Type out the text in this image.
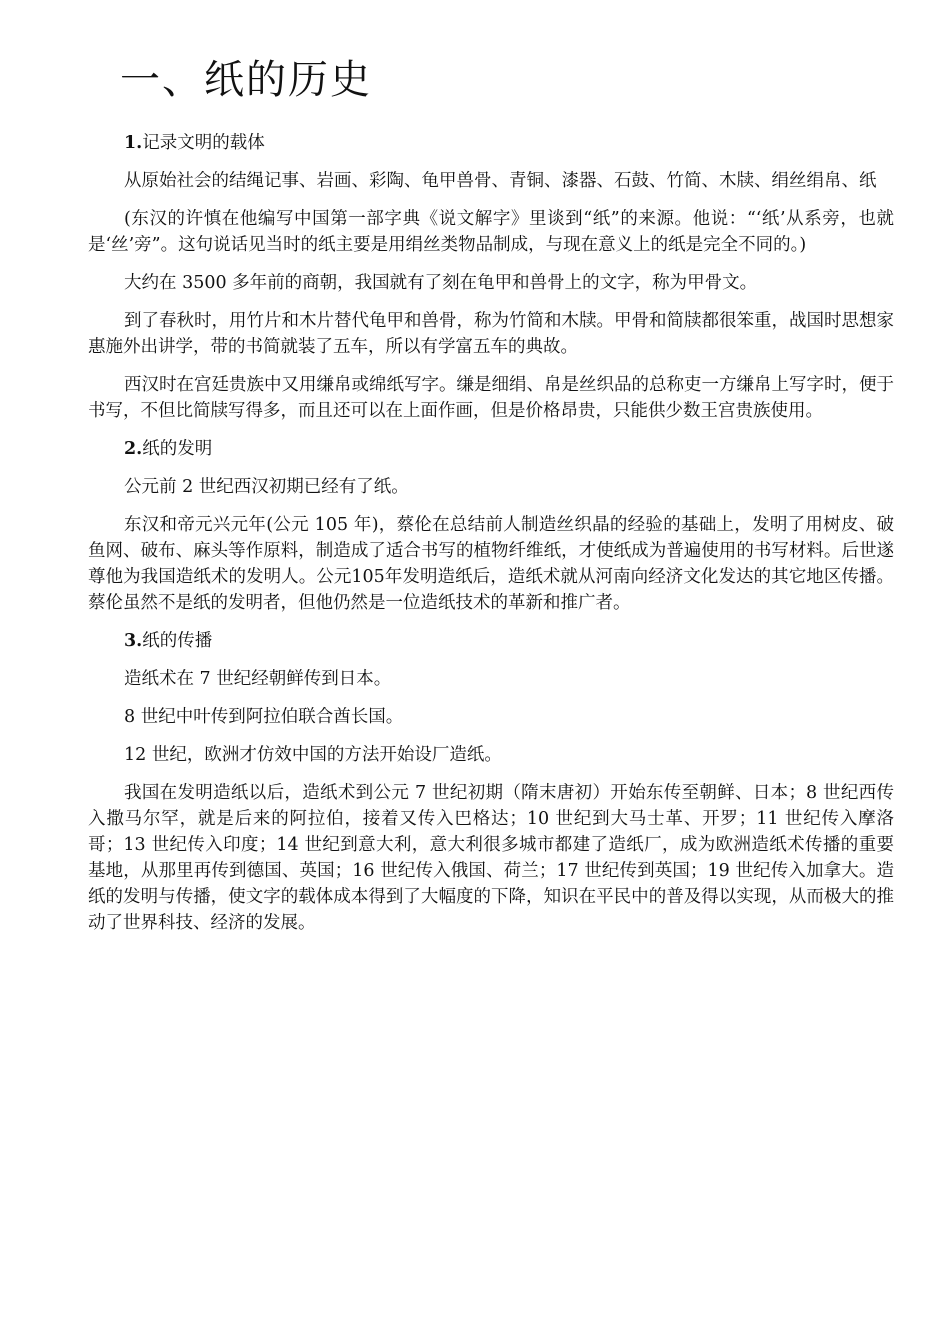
一、纸的历史

1.记录文明的载体

从原始社会的结绳记事、岩画、彩陶、龟甲兽骨、青铜、漆器、石鼓、竹简、木牍、绢丝绢帛、纸

(东汉的许慎在他编写中国第一部字典《说文解字》里谈到“纸”的来源。他说：“‘纸’从系旁，也就是‘丝’旁”。这句说话见当时的纸主要是用绢丝类物品制成，与现在意义上的纸是完全不同的。)

大约在 3500 多年前的商朝，我国就有了刻在龟甲和兽骨上的文字，称为甲骨文。

到了春秋时，用竹片和木片替代龟甲和兽骨，称为竹简和木牍。甲骨和简牍都很笨重，战国时思想家惠施外出讲学，带的书简就装了五车，所以有学富五车的典故。

西汉时在宫廷贵族中又用缣帛或绵纸写字。缣是细绢、帛是丝织品的总称吏一方缣帛上写字时，便于书写，不但比简牍写得多，而且还可以在上面作画，但是价格昂贵，只能供少数王宫贵族使用。

2.纸的发明

公元前 2 世纪西汉初期已经有了纸。

东汉和帝元兴元年(公元 105 年)，蔡伦在总结前人制造丝织晶的经验的基础上，发明了用树皮、破鱼网、破布、麻头等作原料，制造成了适合书写的植物纤维纸，才使纸成为普遍使用的书写材料。后世遂尊他为我国造纸术的发明人。公元105年发明造纸后，造纸术就从河南向经济文化发达的其它地区传播。蔡伦虽然不是纸的发明者，但他仍然是一位造纸技术的革新和推广者。

3.纸的传播

造纸术在 7 世纪经朝鲜传到日本。

8 世纪中叶传到阿拉伯联合酋长国。

12 世纪，欧洲才仿效中国的方法开始设厂造纸。

我国在发明造纸以后，造纸术到公元 7 世纪初期（隋末唐初）开始东传至朝鲜、日本；8 世纪西传入撒马尔罕，就是后来的阿拉伯，接着又传入巴格达；10 世纪到大马士革、开罗；11 世纪传入摩洛哥；13 世纪传入印度；14 世纪到意大利，意大利很多城市都建了造纸厂，成为欧洲造纸术传播的重要基地，从那里再传到德国、英国；16 世纪传入俄国、荷兰；17 世纪传到英国；19 世纪传入加拿大。造纸的发明与传播，使文字的载体成本得到了大幅度的下降，知识在平民中的普及得以实现，从而极大的推动了世界科技、经济的发展。
